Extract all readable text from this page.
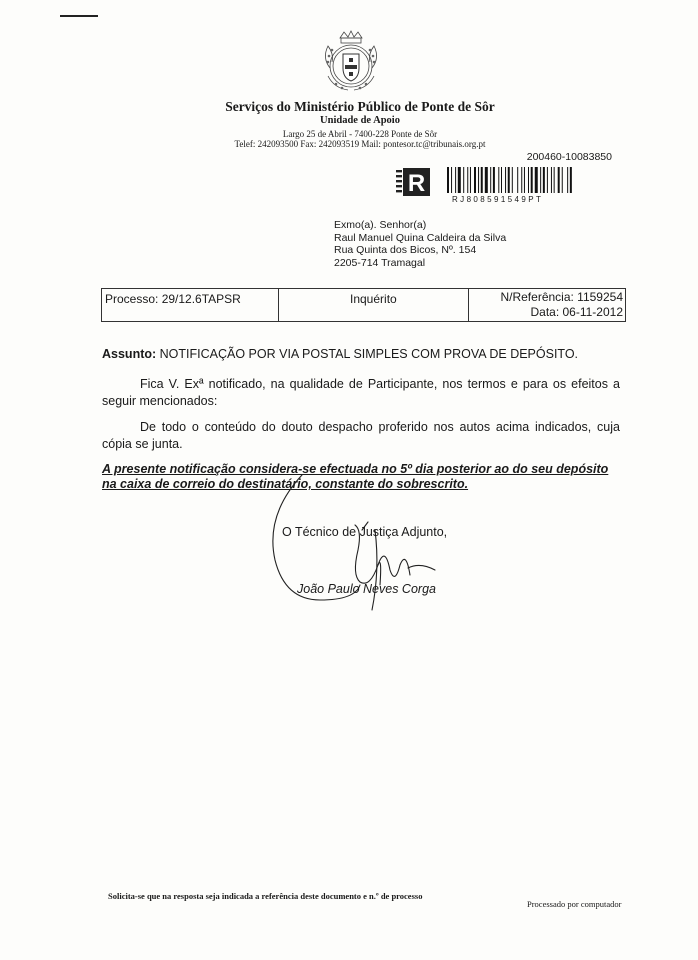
Serviços do Ministério Público de Ponte de Sôr
Unidade de Apoio
Largo 25 de Abril - 7400-228 Ponte de Sôr
Telef: 242093500 Fax: 242093519 Mail: pontesor.tc@tribunais.org.pt
200460-10083850
R
RJ808591549PT
Exmo(a). Senhor(a)
Raul Manuel Quina Caldeira da Silva
Rua Quinta dos Bicos, Nº. 154
2205-714 Tramagal
Processo: 29/12.6TAPSR	Inquérito	N/Referência: 1159254
Data: 06-11-2012
Assunto: NOTIFICAÇÃO POR VIA POSTAL SIMPLES COM PROVA DE DEPÓSITO.
Fica V. Exª notificado, na qualidade de Participante, nos termos e para os efeitos a seguir mencionados:
De todo o conteúdo do douto despacho proferido nos autos acima indicados, cuja cópia se junta.
A presente notificação considera-se efectuada no 5º dia posterior ao do seu depósito na caixa de correio do destinatário, constante do sobrescrito.
O Técnico de Justiça Adjunto,
João Paulo Neves Corga
Solicita-se que na resposta seja indicada a referência deste documento e n.º de processo
Processado por computador
